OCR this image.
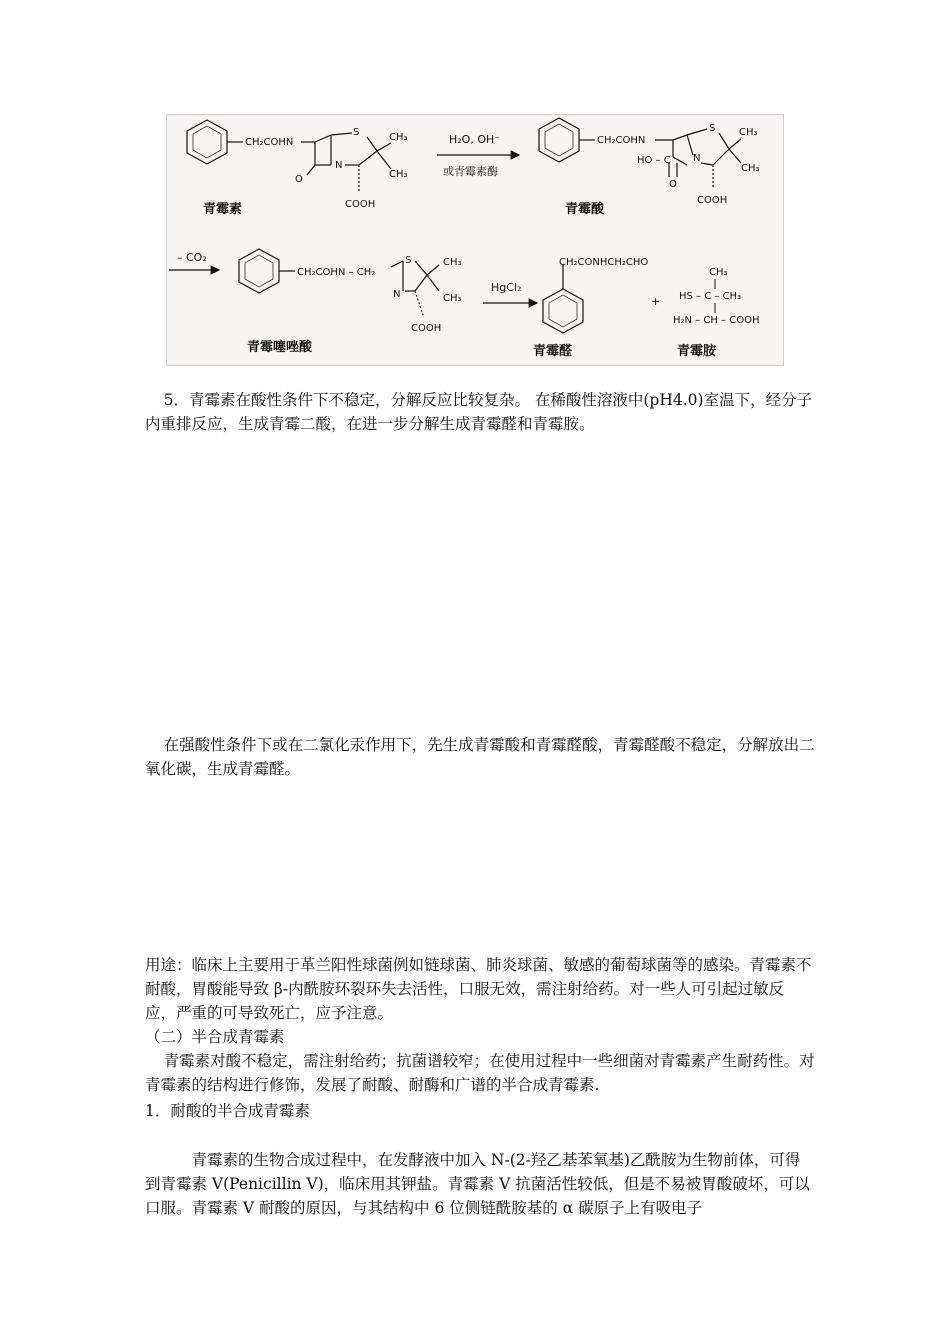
CH₂COHN
S
N
CH₃
CH₃
O
COOH
青霉素
H₂O, OH⁻
或青霉素酶
CH₂COHN
HO – C
O
S
N
CH₃
CH₃
COOH
青霉酸
– CO₂
CH₂COHN – CH₂
S
N
CH₃
CH₃
COOH
青霉噻唑酸
HgCl₂
CH₂CONHCH₂CHO
青霉醛
+
CH₃
HS – C – CH₃
H₂N – CH – COOH
青霉胺

5．青霉素在酸性条件下不稳定，分解反应比较复杂。 在稀酸性溶液中(pH4.0)室温下，经分子内重排反应，生成青霉二酸，在进一步分解生成青霉醛和青霉胺。

在强酸性条件下或在二氯化汞作用下，先生成青霉酸和青霉醛酸，青霉醛酸不稳定，分解放出二氧化碳，生成青霉醛。

用途：临床上主要用于革兰阳性球菌例如链球菌、肺炎球菌、敏感的葡萄球菌等的感染。青霉素不耐酸，胃酸能导致 β-内酰胺环裂环失去活性，口服无效，需注射给药。对一些人可引起过敏反应，严重的可导致死亡，应予注意。

（二）半合成青霉素

青霉素对酸不稳定，需注射给药；抗菌谱较窄；在使用过程中一些细菌对青霉素产生耐药性。对青霉素的结构进行修饰，发展了耐酸、耐酶和广谱的半合成青霉素.

1．耐酸的半合成青霉素

青霉素的生物合成过程中，在发酵液中加入 N-(2-羟乙基苯氧基)乙酰胺为生物前体，可得到青霉素 V(Penicillin V)，临床用其钾盐。青霉素 V 抗菌活性较低，但是不易被胃酸破坏，可以口服。青霉素 V 耐酸的原因，与其结构中 6 位侧链酰胺基的 α 碳原子上有吸电子
